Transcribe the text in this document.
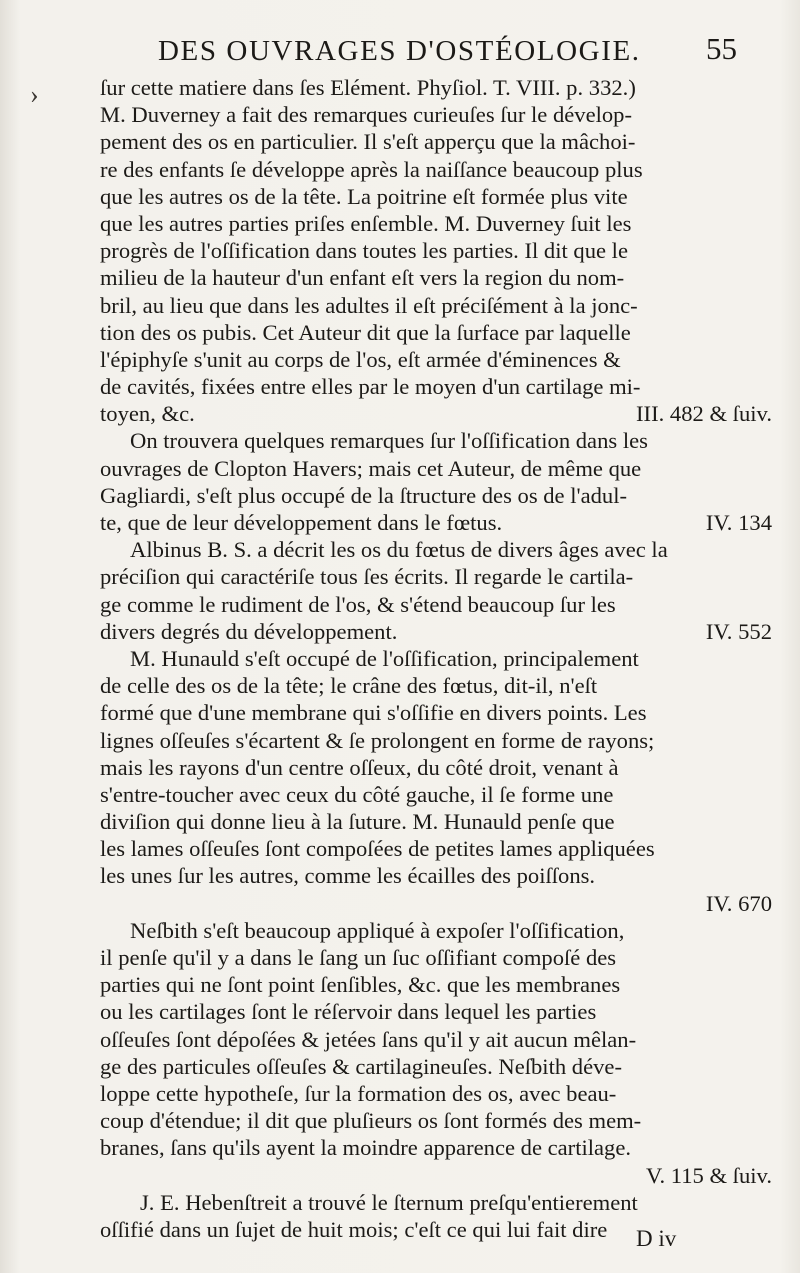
DES OUVRAGES D'OSTÉOLOGIE.	55
›	ſur cette matiere dans ſes Elément. Phyſiol. T. VIII. p. 332.)
M. Duverney a fait des remarques curieuſes ſur le dévelop-
pement des os en particulier. Il s'eſt apperçu que la mâchoi-
re des enfants ſe développe après la naiſſance beaucoup plus
que les autres os de la tête. La poitrine eſt formée plus vite
que les autres parties priſes enſemble. M. Duverney ſuit les
progrès de l'oſſification dans toutes les parties. Il dit que le
milieu de la hauteur d'un enfant eſt vers la region du nom-
bril, au lieu que dans les adultes il eſt préciſément à la jonc-
tion des os pubis. Cet Auteur dit que la ſurface par laquelle
l'épiphyſe s'unit au corps de l'os, eſt armée d'éminences &
de cavités, fixées entre elles par le moyen d'un cartilage mi-
toyen, &c.	III. 482 & ſuiv.
On trouvera quelques remarques ſur l'oſſification dans les
ouvrages de Clopton Havers; mais cet Auteur, de même que
Gagliardi, s'eſt plus occupé de la ſtructure des os de l'adul-
te, que de leur développement dans le fœtus.	IV. 134
Albinus B. S. a décrit les os du fœtus de divers âges avec la
préciſion qui caractériſe tous ſes écrits. Il regarde le cartila-
ge comme le rudiment de l'os, & s'étend beaucoup ſur les
divers degrés du développement.	IV. 552
M. Hunauld s'eſt occupé de l'oſſification, principalement
de celle des os de la tête; le crâne des fœtus, dit-il, n'eſt
formé que d'une membrane qui s'oſſifie en divers points. Les
lignes oſſeuſes s'écartent & ſe prolongent en forme de rayons;
mais les rayons d'un centre oſſeux, du côté droit, venant à
s'entre-toucher avec ceux du côté gauche, il ſe forme une
diviſion qui donne lieu à la ſuture. M. Hunauld penſe que
les lames oſſeuſes ſont compoſées de petites lames appliquées
les unes ſur les autres, comme les écailles des poiſſons.
IV. 670
Neſbith s'eſt beaucoup appliqué à expoſer l'oſſification,
il penſe qu'il y a dans le ſang un ſuc oſſifiant compoſé des
parties qui ne ſont point ſenſibles, &c. que les membranes
ou les cartilages ſont le réſervoir dans lequel les parties
oſſeuſes ſont dépoſées & jetées ſans qu'il y ait aucun mêlan-
ge des particules oſſeuſes & cartilagineuſes. Neſbith déve-
loppe cette hypotheſe, ſur la formation des os, avec beau-
coup d'étendue; il dit que pluſieurs os ſont formés des mem-
branes, ſans qu'ils ayent la moindre apparence de cartilage.
V. 115 & ſuiv.
J. E. Hebenſtreit a trouvé le ſternum preſqu'entierement
oſſifié dans un ſujet de huit mois; c'eſt ce qui lui fait dire	D iv
